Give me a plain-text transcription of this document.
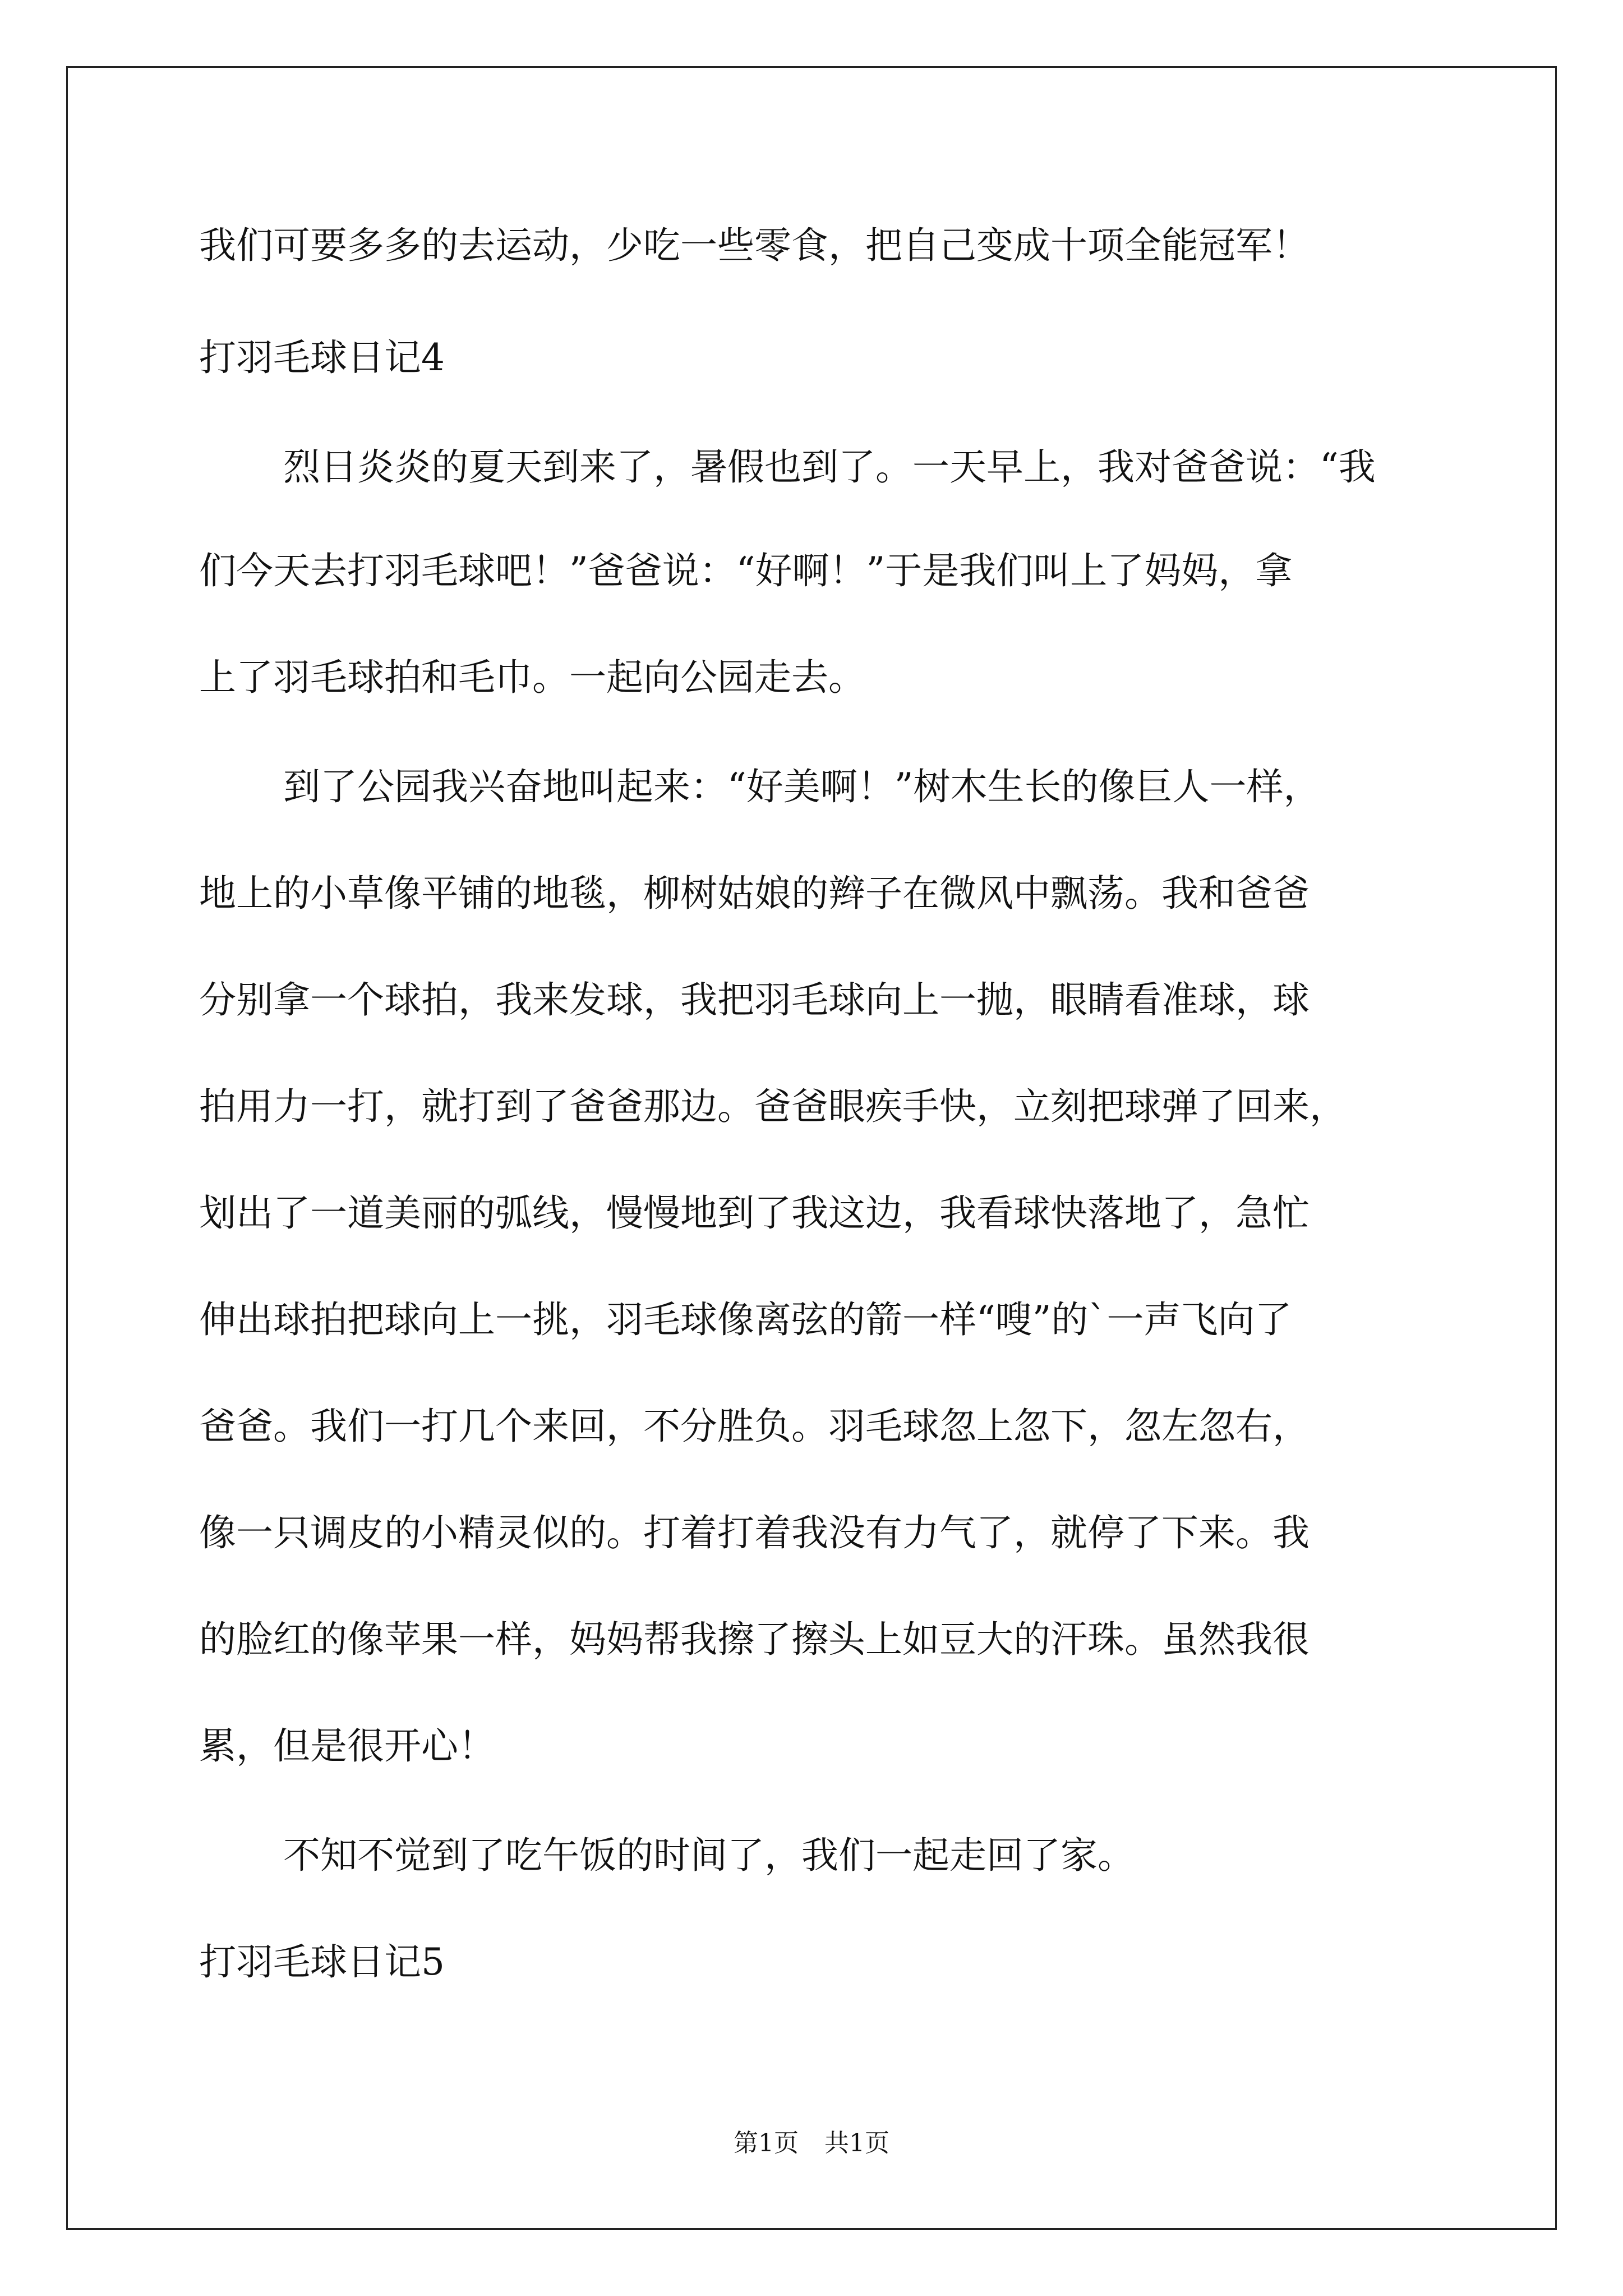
我们可要多多的去运动，少吃一些零食，把自己变成十项全能冠军！
打羽毛球日记4
烈日炎炎的夏天到来了，暑假也到了。一天早上，我对爸爸说：“我
们今天去打羽毛球吧！”爸爸说：“好啊！”于是我们叫上了妈妈，拿
上了羽毛球拍和毛巾。一起向公园走去。
到了公园我兴奋地叫起来：“好美啊！”树木生长的像巨人一样，
地上的小草像平铺的地毯，柳树姑娘的辫子在微风中飘荡。我和爸爸
分别拿一个球拍，我来发球，我把羽毛球向上一抛，眼睛看准球，球
拍用力一打，就打到了爸爸那边。爸爸眼疾手快，立刻把球弹了回来，
划出了一道美丽的弧线，慢慢地到了我这边，我看球快落地了，急忙
伸出球拍把球向上一挑，羽毛球像离弦的箭一样“嗖”的`一声飞向了
爸爸。我们一打几个来回，不分胜负。羽毛球忽上忽下，忽左忽右，
像一只调皮的小精灵似的。打着打着我没有力气了，就停了下来。我
的脸红的像苹果一样，妈妈帮我擦了擦头上如豆大的汗珠。虽然我很
累，但是很开心！
不知不觉到了吃午饭的时间了，我们一起走回了家。
打羽毛球日记5
第1页 共1页
